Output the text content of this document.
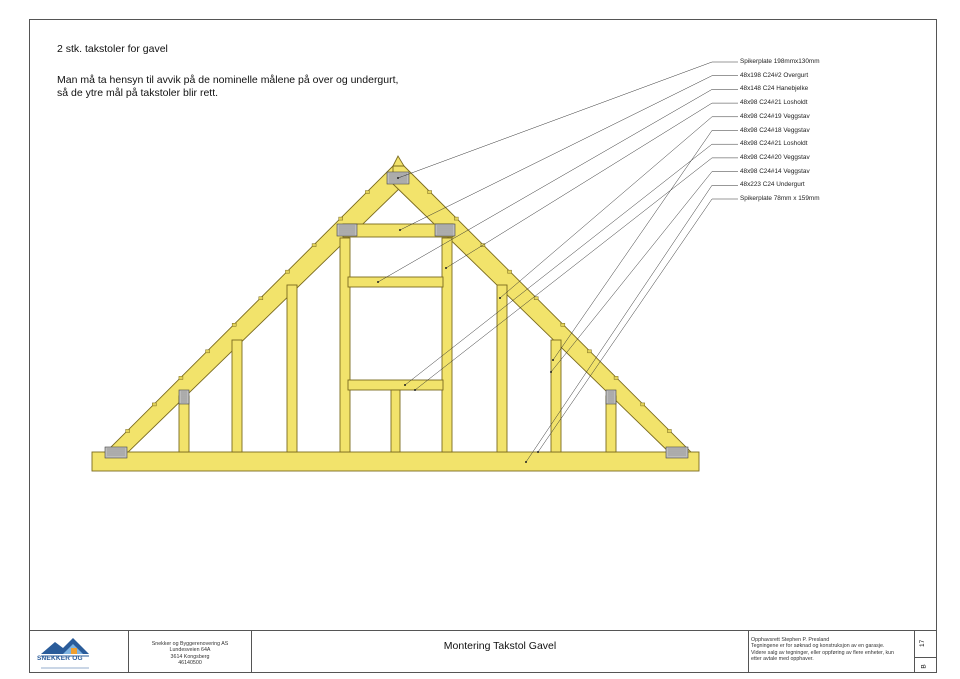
2 stk. takstoler for gavel
Man må ta hensyn til avvik på de nominelle målene på over og undergurt,
så de ytre mål på takstoler blir rett.
Spikerplate 198mmx130mm
48x198 C24#2 Overgurt
48x148 C24 Hanebjelke
48x98 C24#21 Losholdt
48x98 C24#19 Veggstav
48x98 C24#18 Veggstav
48x98 C24#21 Losholdt
48x98 C24#20 Veggstav
48x98 C24#14 Veggstav
48x223 C24 Undergurt
Spikerplate 78mm x 159mm
SNEKKER OG
Snekker og Byggerenovering AS
Lundesveien 64A
3614 Kongsberg
46140500
Montering Takstol Gavel	Opphavsrett Stephen P. Presland
Tegningene er for søknad og konstruksjon av en garasje.
Videre salg av tegninger, eller oppføring av flere enheter, kun
etter avtale med opphaver.
17
B
